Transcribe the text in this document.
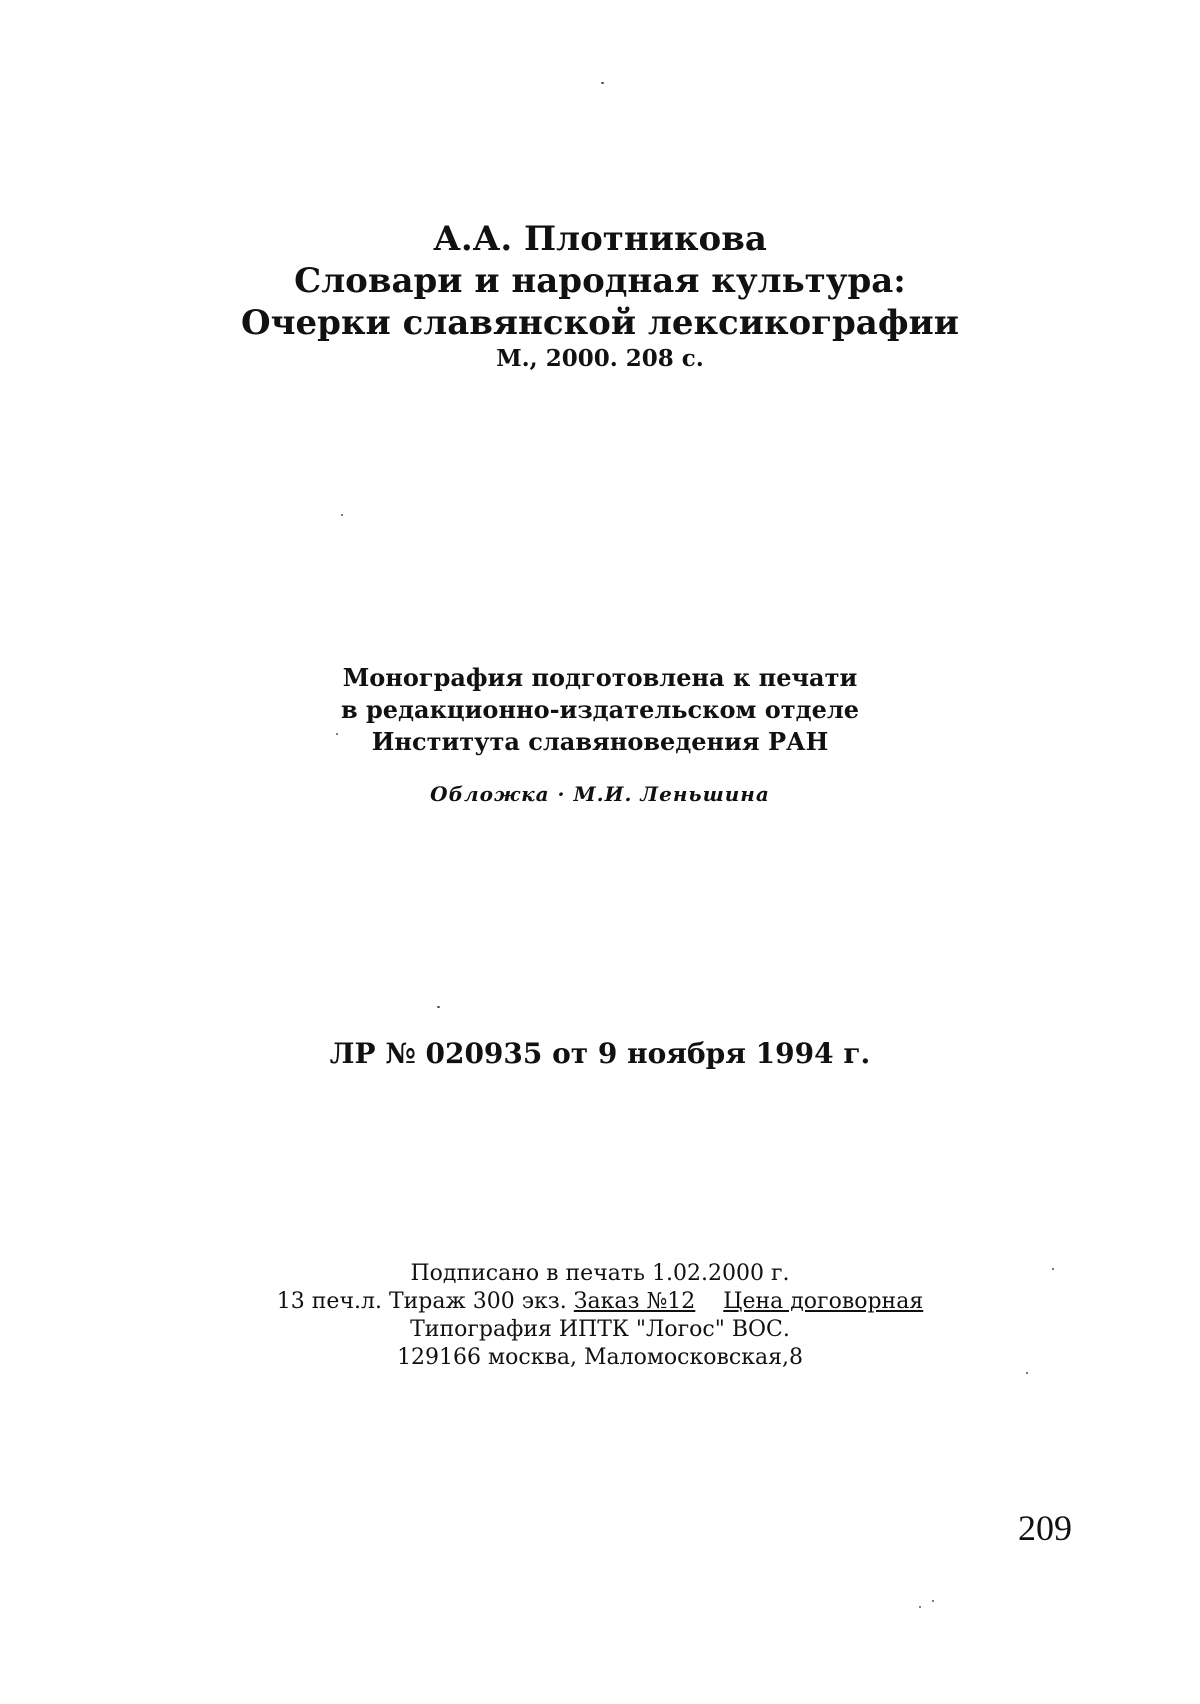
А.А. Плотникова
Словари и народная культура:
Очерки славянской лексикографии
М., 2000. 208 с.
Монография подготовлена к печати
в редакционно-издательском отделе
Института славяноведения РАН
Обложка · М.И. Леньшина
ЛР № 020935 от 9 ноября 1994 г.
Подписано в печать 1.02.2000 г.
13 печ.л. Тираж 300 экз. Заказ №12 Цена договорная
Типография ИПТК "Логос" ВОС.
129166 москва, Маломосковская,8
209
